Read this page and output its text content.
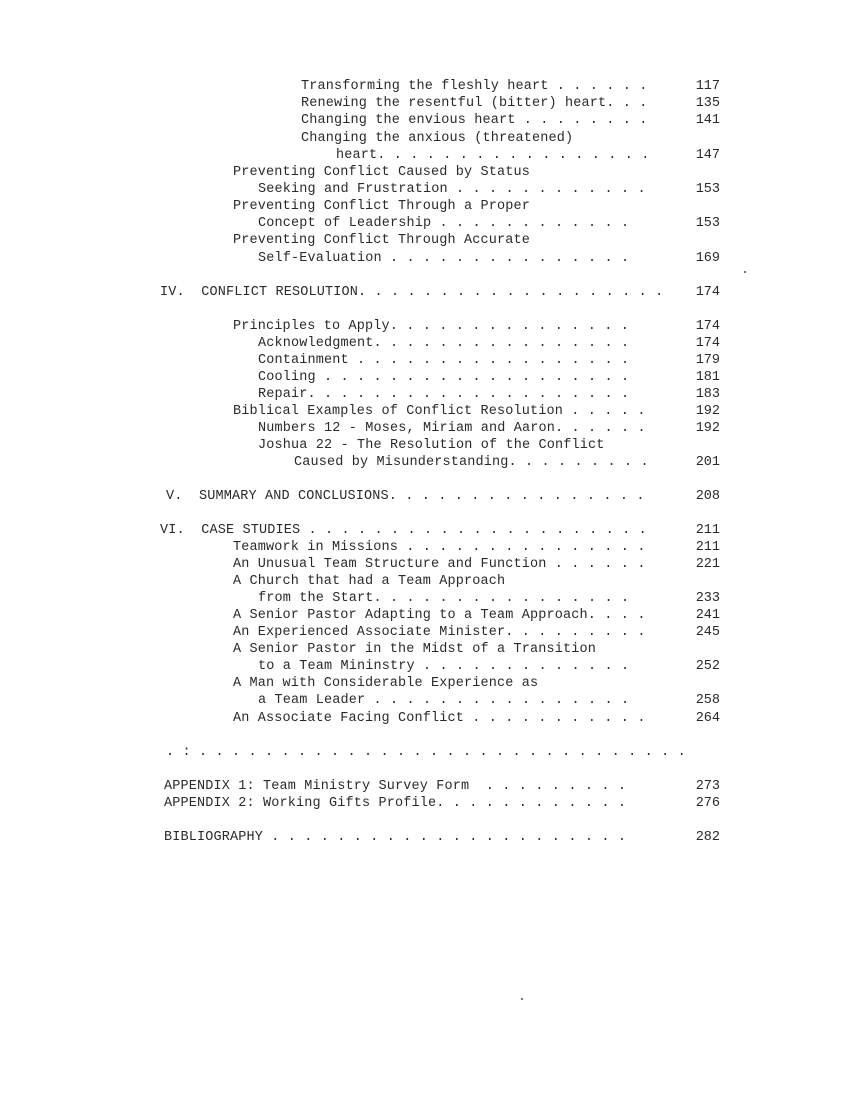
Transforming the fleshly heart . . . . . .	117
Renewing the resentful (bitter) heart. . .	135
Changing the envious heart . . . . . . . .	141
Changing the anxious (threatened)
heart. . . . . . . . . . . . . . . . .	147
Preventing Conflict Caused by Status
Seeking and Frustration . . . . . . . . . . . .	153
Preventing Conflict Through a Proper
Concept of Leadership . . . . . . . . . . . .	153
Preventing Conflict Through Accurate
Self-Evaluation . . . . . . . . . . . . . . .	169
IV.  CONFLICT RESOLUTION. . . . . . . . . . . . . . . . . . .	174
Principles to Apply. . . . . . . . . . . . . . .	174
Acknowledgment. . . . . . . . . . . . . . . .	174
Containment . . . . . . . . . . . . . . . . .	179
Cooling . . . . . . . . . . . . . . . . . . .	181
Repair. . . . . . . . . . . . . . . . . . . .	183
Biblical Examples of Conflict Resolution . . . . .	192
Numbers 12 - Moses, Miriam and Aaron. . . . . .	192
Joshua 22 - The Resolution of the Conflict
Caused by Misunderstanding. . . . . . . . .	201
V.  SUMMARY AND CONCLUSIONS. . . . . . . . . . . . . . . .	208
VI.  CASE STUDIES . . . . . . . . . . . . . . . . . . . . .	211
Teamwork in Missions . . . . . . . . . . . . . . .	211
An Unusual Team Structure and Function . . . . . .	221
A Church that had a Team Approach
from the Start. . . . . . . . . . . . . . . .	233
A Senior Pastor Adapting to a Team Approach. . . .	241
An Experienced Associate Minister. . . . . . . . .	245
A Senior Pastor in the Midst of a Transition
to a Team Mininstry . . . . . . . . . . . . .	252
A Man with Considerable Experience as
a Team Leader . . . . . . . . . . . . . . . .	258
An Associate Facing Conflict . . . . . . . . . . .	264
. : . . . . . . . . . . . . . . . . . . . . . . . . . . . . . .
APPENDIX 1: Team Ministry Survey Form  . . . . . . . . .	273
APPENDIX 2: Working Gifts Profile. . . . . . . . . . . .	276
BIBLIOGRAPHY . . . . . . . . . . . . . . . . . . . . . .	282
